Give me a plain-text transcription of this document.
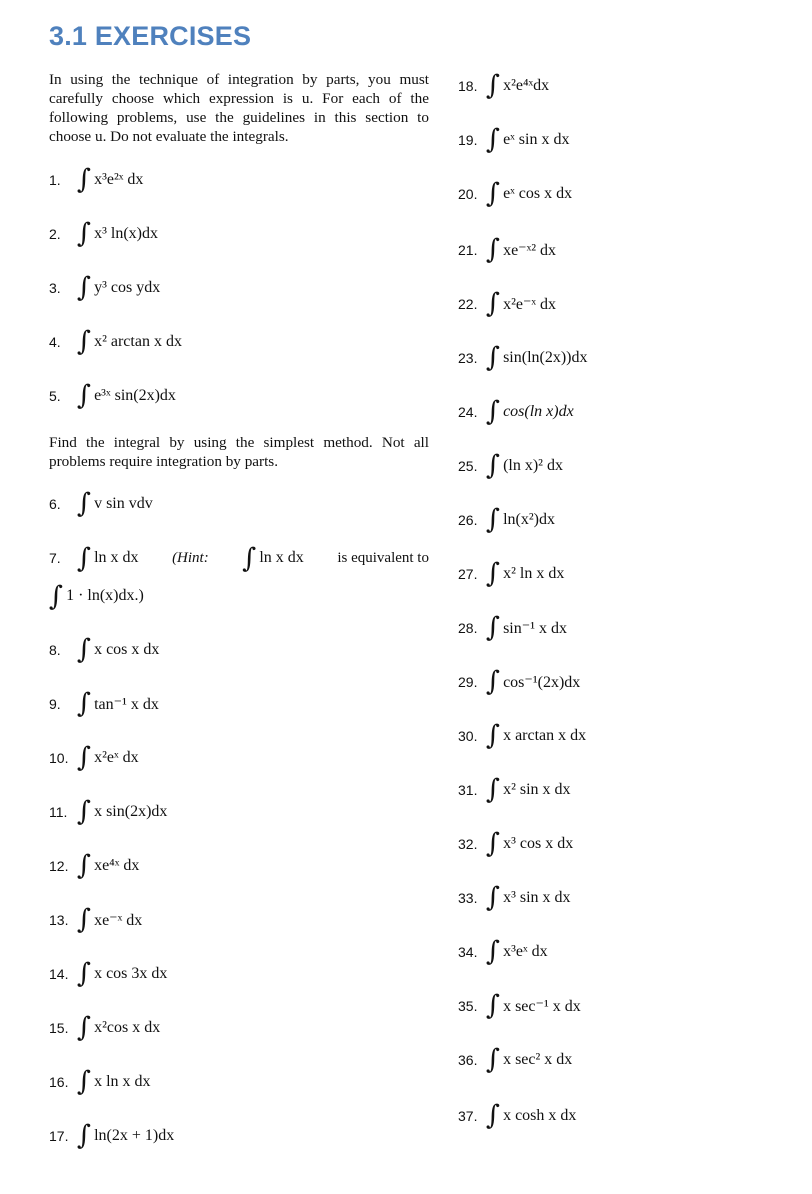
3.1 EXERCISES

In using the technique of integration by parts, you must carefully choose which expression is u. For each of the following problems, use the guidelines in this section to choose u. Do not evaluate the integrals.

1. ∫ x³e²ˣ dx
2. ∫ x³ ln(x)dx
3. ∫ y³ cos ydx
4. ∫ x² arctan x dx
5. ∫ e³ˣ sin(2x)dx

Find the integral by using the simplest method. Not all problems require integration by parts.

6. ∫ v sin vdv
7. ∫ ln x dx (Hint: ∫ ln x dx is equivalent to
∫ 1 · ln(x)dx.)
8. ∫ x cos x dx
9. ∫ tan⁻¹ x dx
10. ∫ x²eˣ dx
11. ∫ x sin(2x)dx
12. ∫ xe⁴ˣ dx
13. ∫ xe⁻ˣ dx
14. ∫ x cos 3x dx
15. ∫ x²cos x dx
16. ∫ x ln x dx
17. ∫ ln(2x + 1)dx
18. ∫ x²e⁴ˣdx
19. ∫ eˣ sin x dx
20. ∫ eˣ cos x dx
21. ∫ xe⁻ˣ² dx
22. ∫ x²e⁻ˣ dx
23. ∫ sin(ln(2x))dx
24. ∫ cos(ln x)dx
25. ∫ (ln x)² dx
26. ∫ ln(x²)dx
27. ∫ x² ln x dx
28. ∫ sin⁻¹ x dx
29. ∫ cos⁻¹(2x)dx
30. ∫ x arctan x dx
31. ∫ x² sin x dx
32. ∫ x³ cos x dx
33. ∫ x³ sin x dx
34. ∫ x³eˣ dx
35. ∫ x sec⁻¹ x dx
36. ∫ x sec² x dx
37. ∫ x cosh x dx
